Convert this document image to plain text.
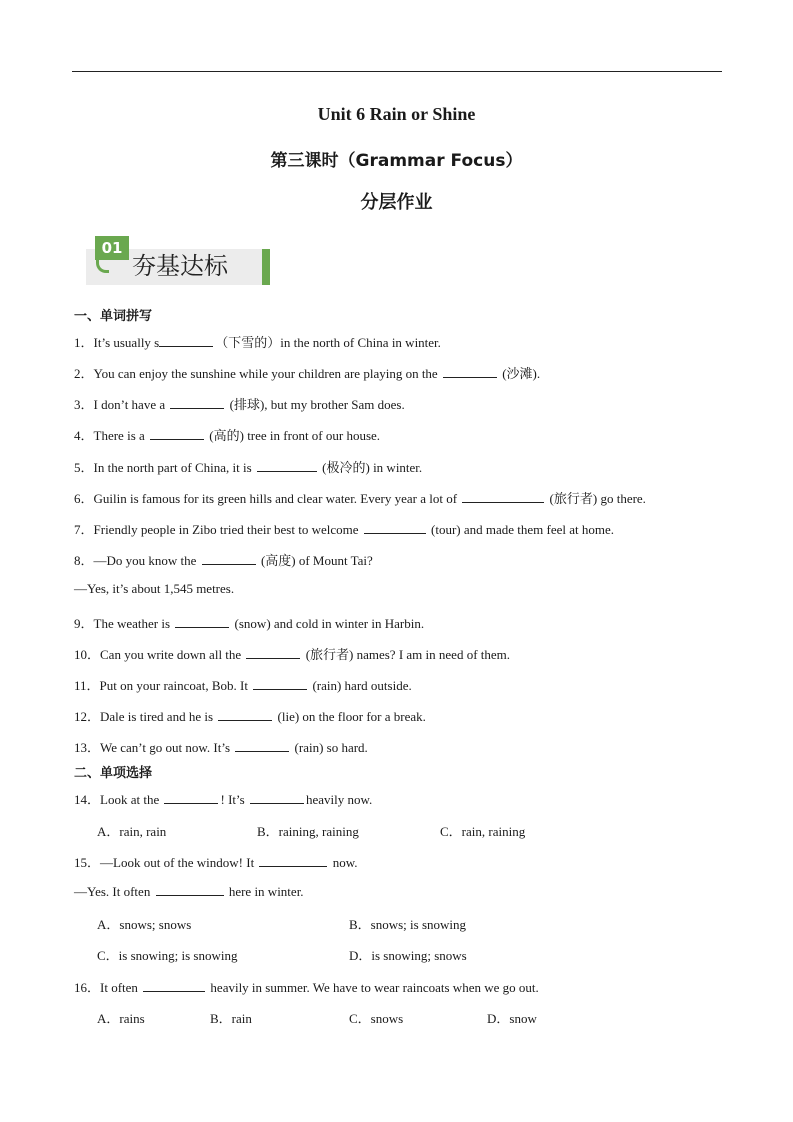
Unit 6 Rain or Shine
第三课时（Grammar Focus）
分层作业
01
夯基达标
一、单词拼写
1．It’s usually s	（下雪的）in the north of China in winter.
2．You can enjoy the sunshine while your children are playing on the	(沙滩).
3．I don’t have a	(排球), but my brother Sam does.
4．There is a	(高的) tree in front of our house.
5．In the north part of China, it is	(极冷的) in winter.
6．Guilin is famous for its green hills and clear water. Every year a lot of	(旅行者) go there.
7．Friendly people in Zibo tried their best to welcome	(tour) and made them feel at home.
8．—Do you know the	(高度) of Mount Tai?
—Yes, it’s about 1,545 metres.
9．The weather is	(snow) and cold in winter in Harbin.
10．Can you write down all the	(旅行者) names? I am in need of them.
11．Put on your raincoat, Bob. It	(rain) hard outside.
12．Dale is tired and he is	(lie) on the floor for a break.
13．We can’t go out now. It’s	(rain) so hard.
二、单项选择
14．Look at the	! It’s	heavily now.
A．rain, rain	B．raining, raining	C．rain, raining
15．—Look out of the window! It	now.
—Yes. It often	here in winter.
A．snows; snows	B．snows; is snowing
C．is snowing; is snowing	D．is snowing; snows
16．It often	heavily in summer. We have to wear raincoats when we go out.
A．rains	B．rain	C．snows	D．snow
